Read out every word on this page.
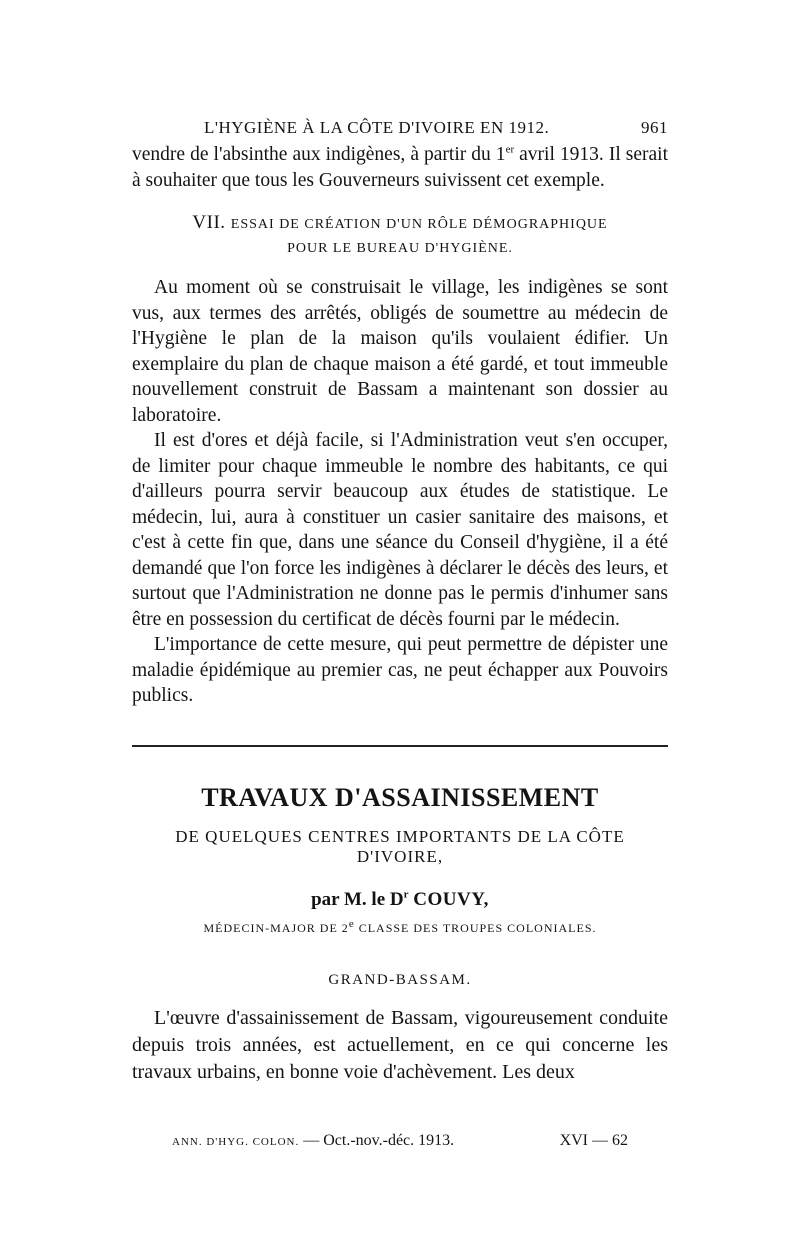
L'HYGIÈNE À LA CÔTE D'IVOIRE EN 1912.	961

vendre de l'absinthe aux indigènes, à partir du 1er avril 1913. Il serait à souhaiter que tous les Gouverneurs suivissent cet exemple.

VII. ESSAI DE CRÉATION D'UN RÔLE DÉMOGRAPHIQUE
POUR LE BUREAU D'HYGIÈNE.

Au moment où se construisait le village, les indigènes se sont vus, aux termes des arrêtés, obligés de soumettre au médecin de l'Hygiène le plan de la maison qu'ils voulaient édifier. Un exemplaire du plan de chaque maison a été gardé, et tout immeuble nouvellement construit de Bassam a maintenant son dossier au laboratoire.

Il est d'ores et déjà facile, si l'Administration veut s'en occuper, de limiter pour chaque immeuble le nombre des habitants, ce qui d'ailleurs pourra servir beaucoup aux études de statistique. Le médecin, lui, aura à constituer un casier sanitaire des maisons, et c'est à cette fin que, dans une séance du Conseil d'hygiène, il a été demandé que l'on force les indigènes à déclarer le décès des leurs, et surtout que l'Administration ne donne pas le permis d'inhumer sans être en possession du certificat de décès fourni par le médecin.

L'importance de cette mesure, qui peut permettre de dépister une maladie épidémique au premier cas, ne peut échapper aux Pouvoirs publics.

TRAVAUX D'ASSAINISSEMENT
DE QUELQUES CENTRES IMPORTANTS DE LA CÔTE D'IVOIRE,
par M. le $D^r$ COUVY,
MÉDECIN-MAJOR DE 2e CLASSE DES TROUPES COLONIALES.
GRAND-BASSAM.

L'œuvre d'assainissement de Bassam, vigoureusement conduite depuis trois années, est actuellement, en ce qui concerne les travaux urbains, en bonne voie d'achèvement. Les deux

ANN. D'HYG. COLON. — Oct.-nov.-déc. 1913.	XVI — 62
